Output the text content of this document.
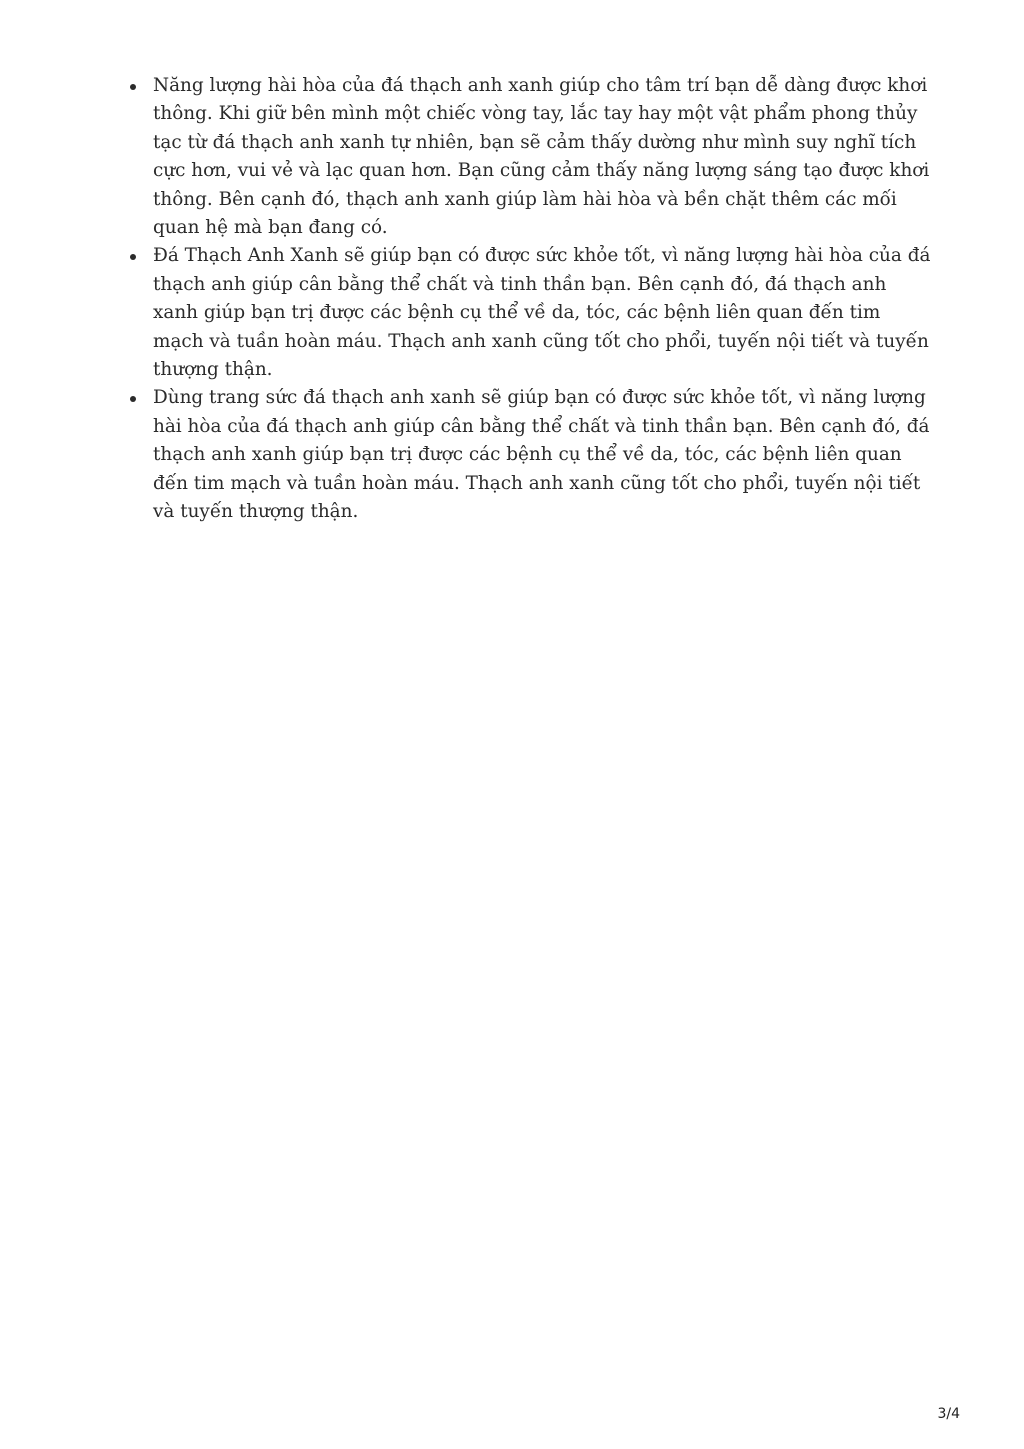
Năng lượng hài hòa của đá thạch anh xanh giúp cho tâm trí bạn dễ dàng được khơi thông. Khi giữ bên mình một chiếc vòng tay, lắc tay hay một vật phẩm phong thủy tạc từ đá thạch anh xanh tự nhiên, bạn sẽ cảm thấy dường như mình suy nghĩ tích cực hơn, vui vẻ và lạc quan hơn. Bạn cũng cảm thấy năng lượng sáng tạo được khơi thông. Bên cạnh đó, thạch anh xanh giúp làm hài hòa và bền chặt thêm các mối quan hệ mà bạn đang có.
Đá Thạch Anh Xanh sẽ giúp bạn có được sức khỏe tốt, vì năng lượng hài hòa của đá thạch anh giúp cân bằng thể chất và tinh thần bạn. Bên cạnh đó, đá thạch anh xanh giúp bạn trị được các bệnh cụ thể về da, tóc, các bệnh liên quan đến tim mạch và tuần hoàn máu. Thạch anh xanh cũng tốt cho phổi, tuyến nội tiết và tuyến thượng thận.
Dùng trang sức đá thạch anh xanh sẽ giúp bạn có được sức khỏe tốt, vì năng lượng hài hòa của đá thạch anh giúp cân bằng thể chất và tinh thần bạn. Bên cạnh đó, đá thạch anh xanh giúp bạn trị được các bệnh cụ thể về da, tóc, các bệnh liên quan đến tim mạch và tuần hoàn máu. Thạch anh xanh cũng tốt cho phổi, tuyến nội tiết và tuyến thượng thận.
3/4
